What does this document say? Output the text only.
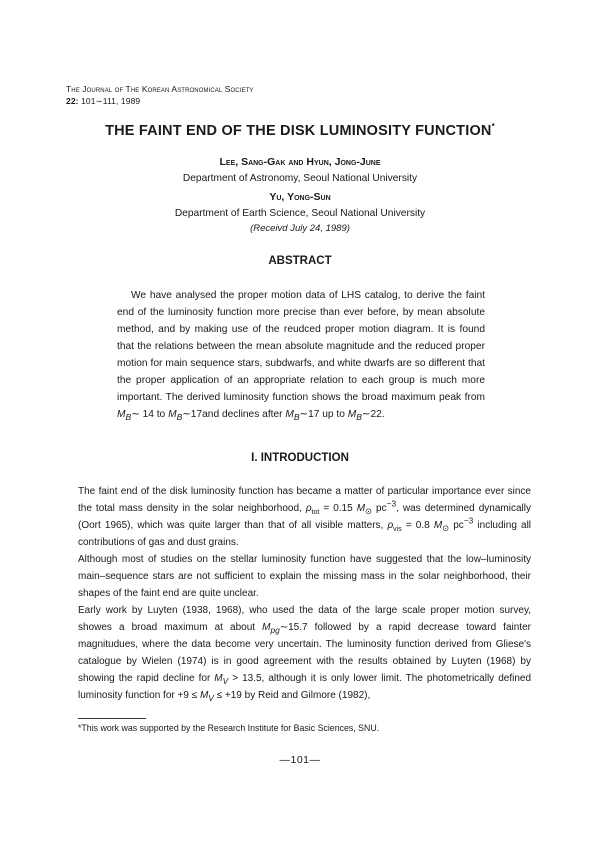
The Journal of The Korean Astronomical Society
22: 101∼111, 1989
THE FAINT END OF THE DISK LUMINOSITY FUNCTION*
Lee, Sang-Gak and Hyun, Jong-June
Department of Astronomy, Seoul National University
Yu, Yong-Sun
Department of Earth Science, Seoul National University
(Receivd July 24, 1989)
ABSTRACT

We have analysed the proper motion data of LHS catalog, to derive the faint end of the luminosity function more precise than ever before, by mean absolute method, and by making use of the reudced proper motion diagram. It is found that the relations between the mean absolute magnitude and the reduced proper motion for main sequence stars, subdwarfs, and white dwarfs are so different that the proper application of an appropriate relation to each group is much more important. The derived luminosity function shows the broad maximum peak from $M_B\sim$ 14 to $M_B\sim 17and$ declines after $M_B\sim 17$ up to $M_B\sim 22$.

I. INTRODUCTION

The faint end of the disk luminosity function has became a matter of particular importance ever since the total mass density in the solar neighborhood, $\rho_{tot} = 0.15$ $M_⊙$ $pc^{-3}$, was determined dynamically (Oort 1965), which was quite larger than that of all visible matters, $\rho_{vis} = 0.8$ $M_⊙$ $pc^{-3}$ including all contributions of gas and dust grains.

Although most of studies on the stellar luminosity function have suggested that the low–luminosity main–sequence stars are not sufficient to explain the missing mass in the solar neighborhood, their shapes of the faint end are quite unclear.

Early work by Luyten (1938, 1968), who used the data of the large scale proper motion survey, showes a broad maximum at about $M_{pg}\sim 15.7$ followed by a rapid decrease toward fainter magnitudues, where the data become very uncertain. The luminosity function derived from Gliese's catalogue by Wielen (1974) is in good agreement with the results obtained by Luyten (1968) by showing the rapid decline for $M_V > 13.5$, although it is only lower limit. The photometrically defined luminosity function for $+9 \le M_V \le +19$ by Reid and Gilmore (1982),

*This work was supported by the Research Institute for Basic Sciences, SNU.
—101—
